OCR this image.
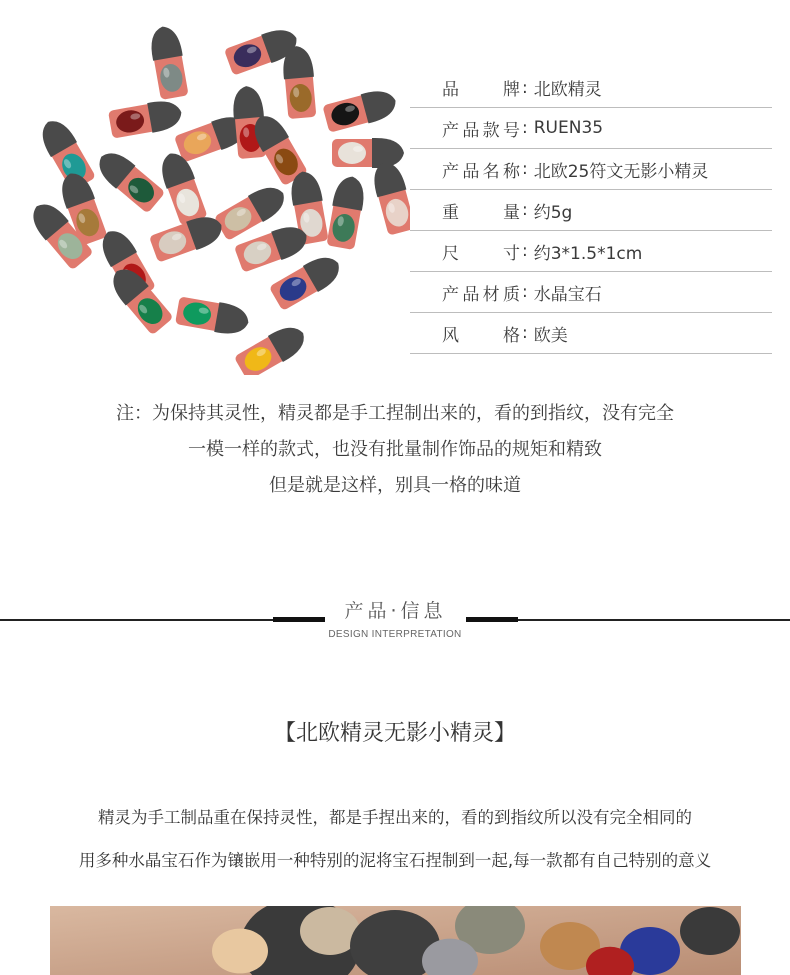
品牌 : 北欧精灵
产品款号 : RUEN35
产品名称 : 北欧25符文无影小精灵
重量 : 约5g
尺寸 : 约3*1.5*1cm
产品材质 : 水晶宝石
风格 : 欧美
注：为保持其灵性，精灵都是手工捏制出来的，看的到指纹，没有完全
一模一样的款式，也没有批量制作饰品的规矩和精致
但是就是这样，别具一格的味道
产品·信息
DESIGN INTERPRETATION
【北欧精灵无影小精灵】
精灵为手工制品重在保持灵性，都是手捏出来的，看的到指纹所以没有完全相同的
用多种水晶宝石作为镶嵌用一种特别的泥将宝石捏制到一起,每一款都有自己特别的意义
